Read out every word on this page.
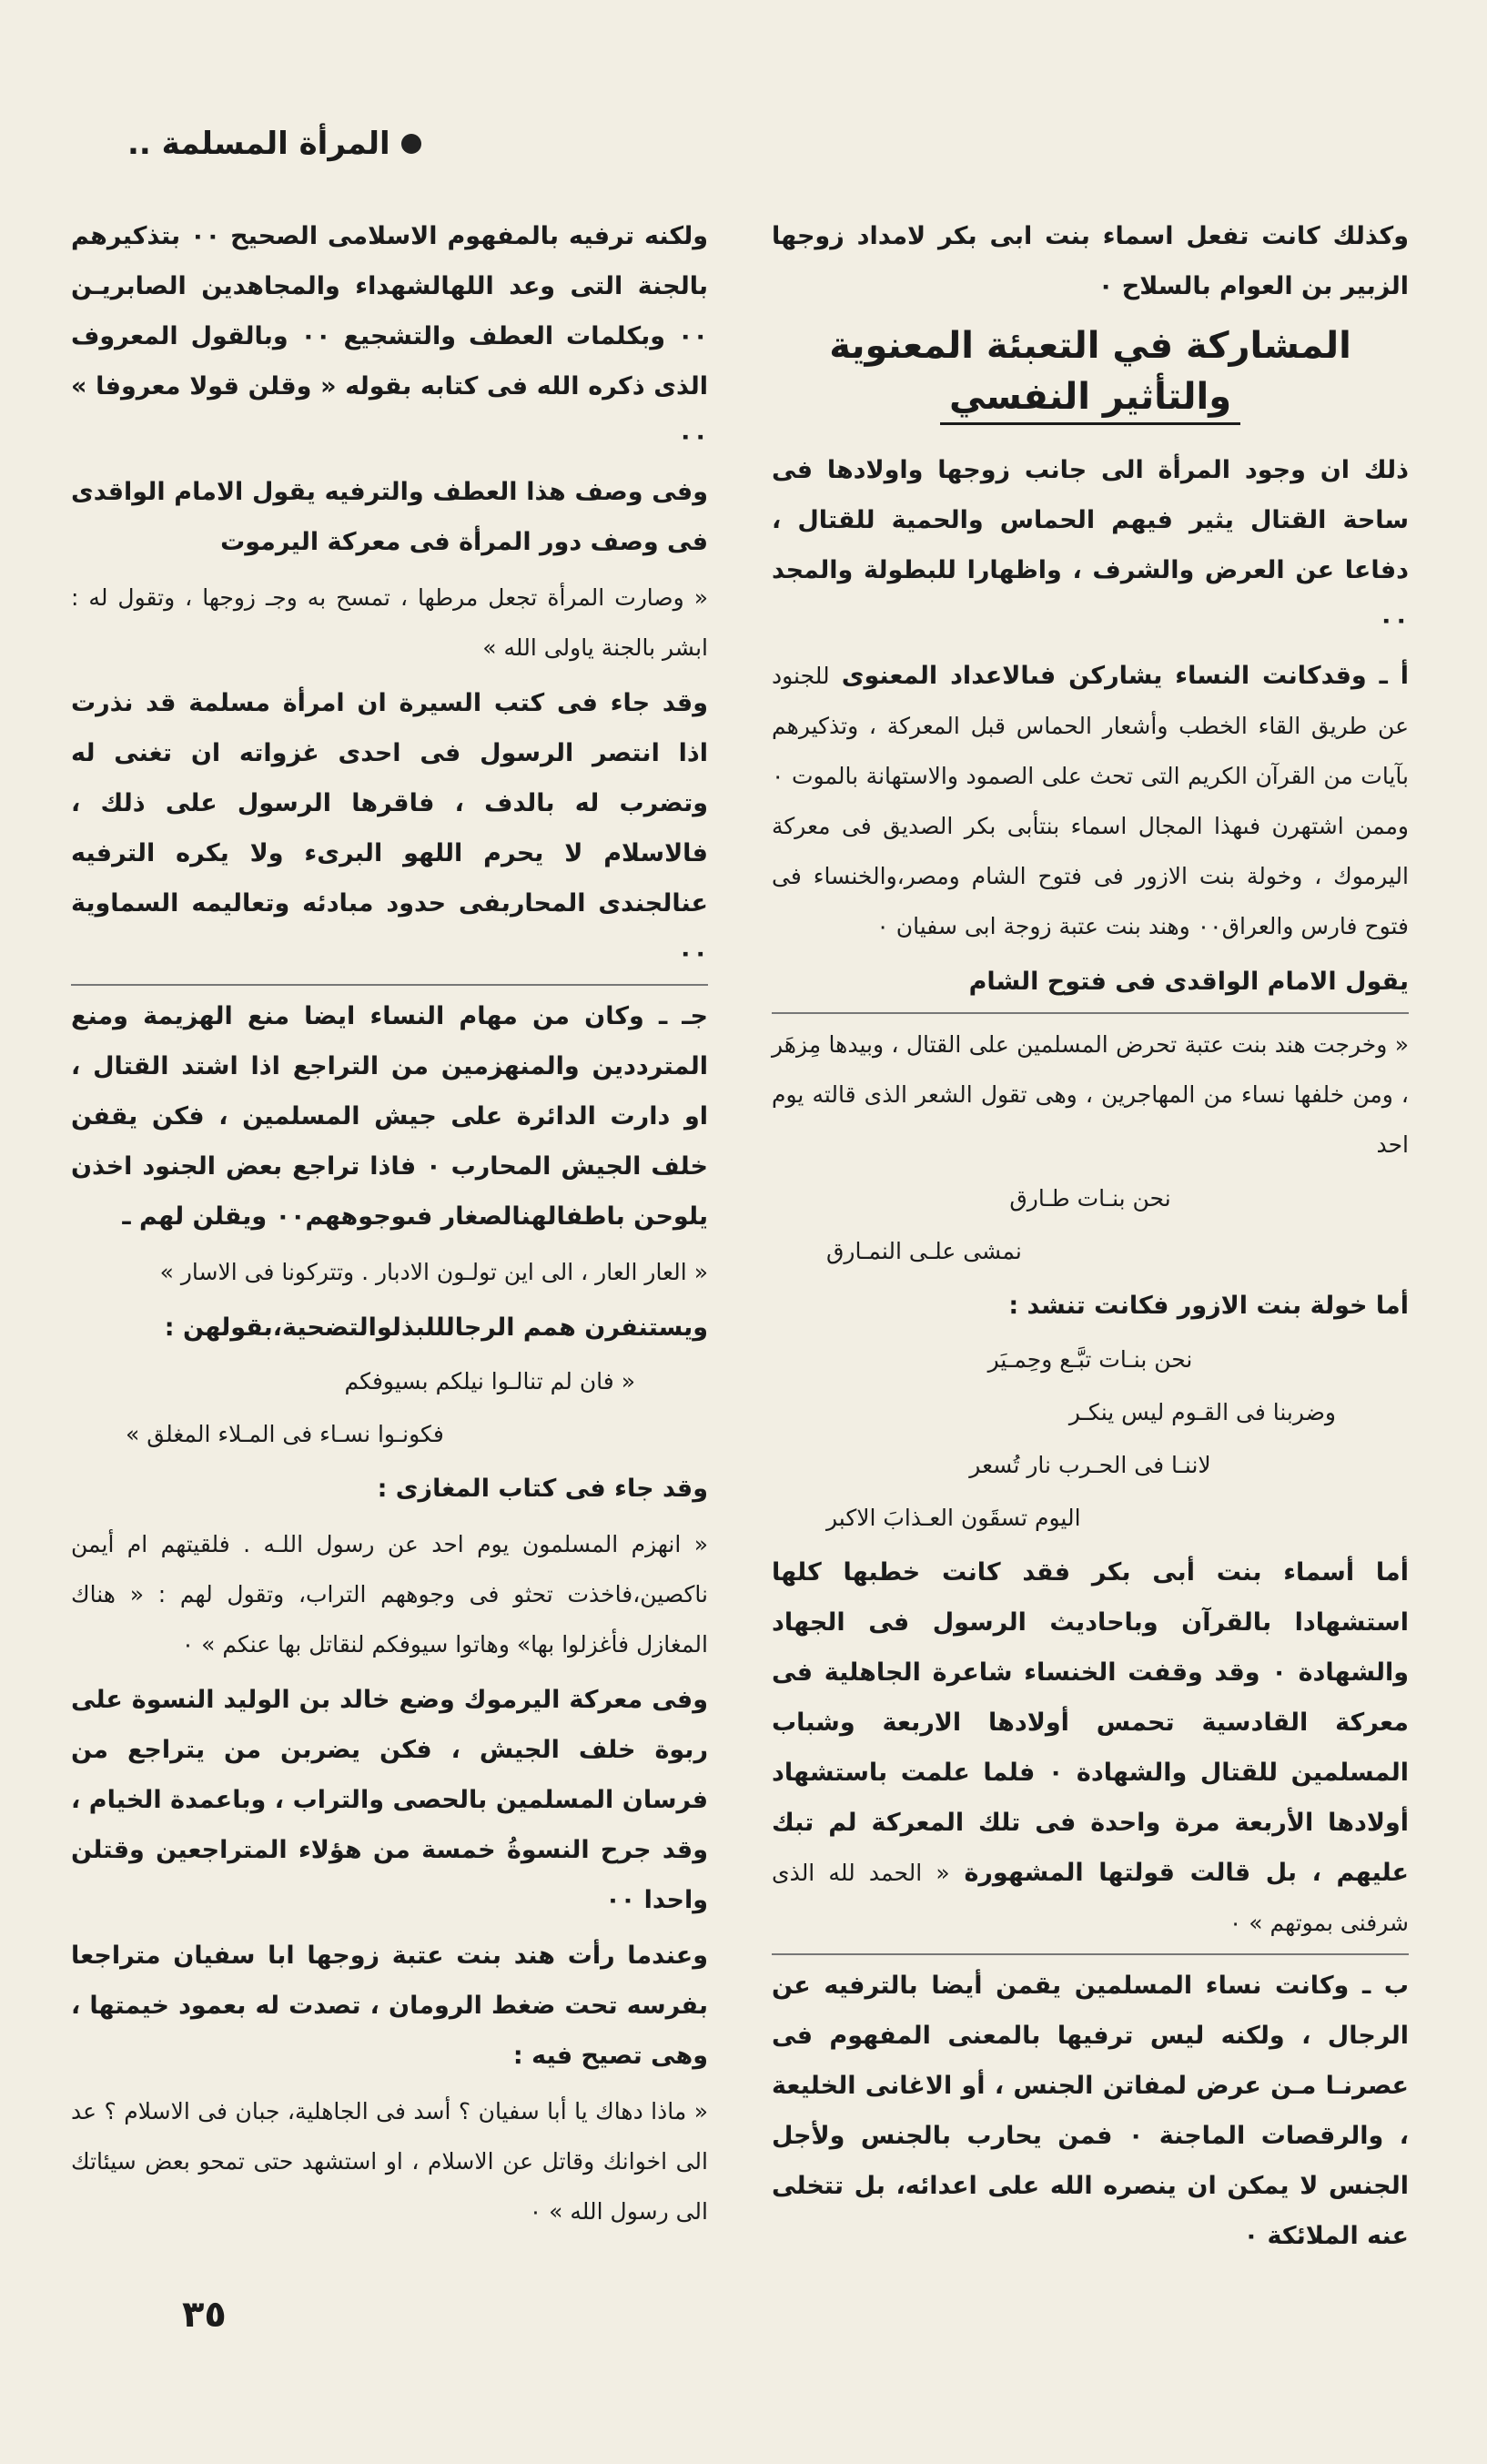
المرأة المسلمة ..

وكذلك كانت تفعل اسماء بنت ابى بكر لامداد زوجها الزبير بن العوام بالسلاح ٠

المشاركة في التعبئة المعنوية
والتأثير النفسي

ذلك ان وجود المرأة الى جانب زوجها واولادها فى ساحة القتال يثير فيهم الحماس والحمية للقتال ، دفاعا عن العرض والشرف ، واظهارا للبطولة والمجد ٠٠

أ ـ وقدكانت النساء يشاركن فىالاعداد المعنوى للجنود عن طريق القاء الخطب وأشعار الحماس قبل المعركة ، وتذكيرهم بآيات من القرآن الكريم التى تحث على الصمود والاستهانة بالموت ٠ وممن اشتهرن فىهذا المجال اسماء بنتأبى بكر الصديق فى معركة اليرموك ، وخولة بنت الازور فى فتوح الشام ومصر،والخنساء فى فتوح فارس والعراق٠٠ وهند بنت عتبة زوجة ابى سفيان ٠

يقول الامام الواقدى فى فتوح الشام

« وخرجت هند بنت عتبة تحرض المسلمين على القتال ، وبيدها مِزهَر ، ومن خلفها نساء من المهاجرين ، وهى تقول الشعر الذى قالته يوم احد

نحن بنـات طـارق

نمشى علـى النمـارق

أما خولة بنت الازور فكانت تنشد :

نحن بنـات تبَّـع وحِمـيَر

وضربنا فى القـوم ليس ينكـر

لاننـا فى الحـرب نار تُسعر

اليوم تسقَون العـذابَ الاكبر

أما أسماء بنت أبى بكر فقد كانت خطبها كلها استشهادا بالقرآن وباحاديث الرسول فى الجهاد والشهادة ٠ وقد وقفت الخنساء شاعرة الجاهلية فى معركة القادسية تحمس أولادها الاربعة وشباب المسلمين للقتال والشهادة ٠ فلما علمت باستشهاد أولادها الأربعة مرة واحدة فى تلك المعركة لم تبك عليهم ، بل قالت قولتها المشهورة « الحمد لله الذى شرفنى بموتهم » ٠

ب ـ وكانت نساء المسلمين يقمن أيضا بالترفيه عن الرجال ، ولكنه ليس ترفيها بالمعنى المفهوم فى عصرنـا مـن عرض لمفاتن الجنس ، أو الاغانى الخليعة ، والرقصات الماجنة ٠ فمن يحارب بالجنس ولأجل الجنس لا يمكن ان ينصره الله على اعدائه، بل تتخلى عنه الملائكة ٠

ولكنه ترفيه بالمفهوم الاسلامى الصحيح ٠٠ بتذكيرهم بالجنة التى وعد اللهالشهداء والمجاهدين الصابريـن ٠٠ وبكلمات العطف والتشجيع ٠٠ وبالقول المعروف الذى ذكره الله فى كتابه بقوله « وقلن قولا معروفا » ٠٠

وفى وصف هذا العطف والترفيه يقول الامام الواقدى فى وصف دور المرأة فى معركة اليرموت

« وصارت المرأة تجعل مرطها ، تمسح به وجـ زوجها ، وتقول له : ابشر بالجنة ياولى الله »

وقد جاء فى كتب السيرة ان امرأة مسلمة قد نذرت اذا انتصر الرسول فى احدى غزواته ان تغنى له وتضرب له بالدف ، فاقرها الرسول على ذلك ، فالاسلام لا يحرم اللهو البرىء ولا يكره الترفيه عنالجندى المحاربفى حدود مبادئه وتعاليمه السماوية ٠٠

جـ ـ وكان من مهام النساء ايضا منع الهزيمة ومنع المترددين والمنهزمين من التراجع اذا اشتد القتال ، او دارت الدائرة على جيش المسلمين ، فكن يقفن خلف الجيش المحارب ٠ فاذا تراجع بعض الجنود اخذن يلوحن باطفالهنالصغار فىوجوههم٠٠ ويقلن لهم ـ

« العار العار ، الى اين تولـون الادبار . وتتركونا فى الاسار »

ويستنفرن همم الرجالللبذلوالتضحية،بقولهن :

« فان لم تنالـوا نيلكم بسيوفكم

فكونـوا نسـاء فى المـلاء المغلق »

وقد جاء فى كتاب المغازى :

« انهزم المسلمون يوم احد عن رسول اللـه . فلقيتهم ام أيمن ناكصين،فاخذت تحثو فى وجوههم التراب، وتقول لهم : « هناك المغازل فأغزلوا بها» وهاتوا سيوفكم لنقاتل بها عنكم » ٠

وفى معركة اليرموك وضع خالد بن الوليد النسوة على ربوة خلف الجيش ، فكن يضربن من يتراجع من فرسان المسلمين بالحصى والتراب ، وباعمدة الخيام ، وقد جرح النسوةُ خمسة من هؤلاء المتراجعين وقتلن واحدا ٠٠

وعندما رأت هند بنت عتبة زوجها ابا سفيان متراجعا بفرسه تحت ضغط الرومان ، تصدت له بعمود خيمتها ، وهى تصيح فيه :

« ماذا دهاك يا أبا سفيان ؟ أسد فى الجاهلية، جبان فى الاسلام ؟ عد الى اخوانك وقاتل عن الاسلام ، او استشهد حتى تمحو بعض سيئاتك الى رسول الله » ٠

٣٥
